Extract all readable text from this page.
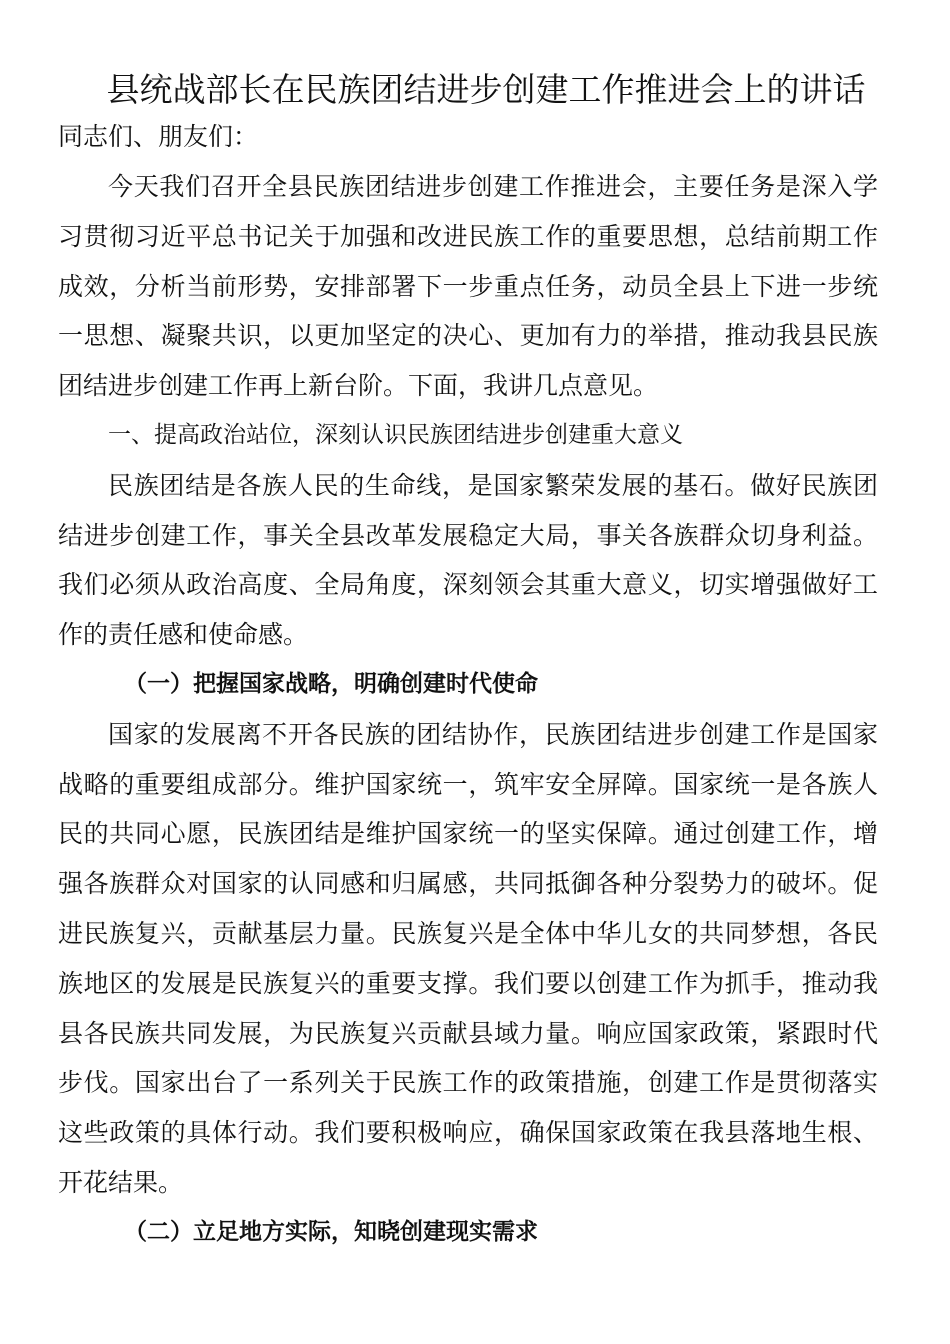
县统战部长在民族团结进步创建工作推进会上的讲话

同志们、朋友们：

今天我们召开全县民族团结进步创建工作推进会，主要任务是深入学习贯彻习近平总书记关于加强和改进民族工作的重要思想，总结前期工作成效，分析当前形势，安排部署下一步重点任务，动员全县上下进一步统一思想、凝聚共识，以更加坚定的决心、更加有力的举措，推动我县民族团结进步创建工作再上新台阶。下面，我讲几点意见。

一、提高政治站位，深刻认识民族团结进步创建重大意义

民族团结是各族人民的生命线，是国家繁荣发展的基石。做好民族团结进步创建工作，事关全县改革发展稳定大局，事关各族群众切身利益。我们必须从政治高度、全局角度，深刻领会其重大意义，切实增强做好工作的责任感和使命感。

（一）把握国家战略，明确创建时代使命

国家的发展离不开各民族的团结协作，民族团结进步创建工作是国家战略的重要组成部分。维护国家统一，筑牢安全屏障。国家统一是各族人民的共同心愿，民族团结是维护国家统一的坚实保障。通过创建工作，增强各族群众对国家的认同感和归属感，共同抵御各种分裂势力的破坏。促进民族复兴，贡献基层力量。民族复兴是全体中华儿女的共同梦想，各民族地区的发展是民族复兴的重要支撑。我们要以创建工作为抓手，推动我县各民族共同发展，为民族复兴贡献县域力量。响应国家政策，紧跟时代步伐。国家出台了一系列关于民族工作的政策措施，创建工作是贯彻落实这些政策的具体行动。我们要积极响应，确保国家政策在我县落地生根、开花结果。

（二）立足地方实际，知晓创建现实需求
